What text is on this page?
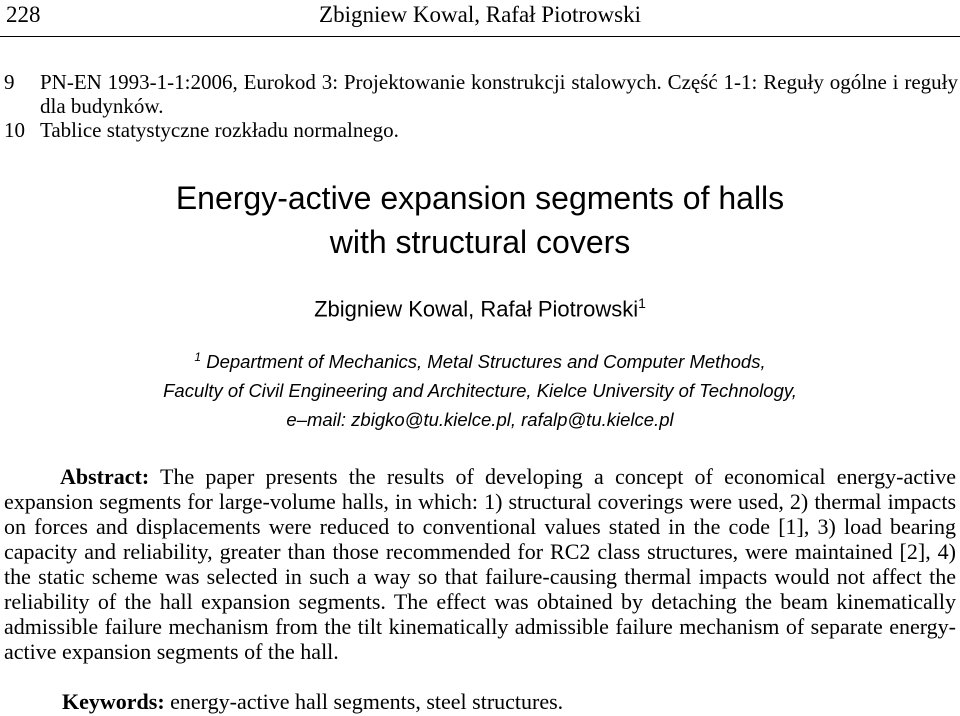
228	Zbigniew Kowal, Rafał Piotrowski
9 PN-EN 1993-1-1:2006, Eurokod 3: Projektowanie konstrukcji stalowych. Część 1-1: Reguły ogólne i reguły dla budynków.
10 Tablice statystyczne rozkładu normalnego.
Energy-active expansion segments of halls
with structural covers
Zbigniew Kowal, Rafał Piotrowski$^1$
$^1$ Department of Mechanics, Metal Structures and Computer Methods,
Faculty of Civil Engineering and Architecture, Kielce University of Technology,
e–mail: zbigko@tu.kielce.pl, rafalp@tu.kielce.pl
Abstract: The paper presents the results of developing a concept of economical energy-active expansion segments for large-volume halls, in which: 1) structural coverings were used, 2) thermal impacts on forces and displacements were reduced to conventional values stated in the code [1], 3) load bearing capacity and reliability, greater than those recommended for RC2 class structures, were maintained [2], 4) the static scheme was selected in such a way so that failure-causing thermal impacts would not affect the reliability of the hall expansion segments. The effect was obtained by detaching the beam kinematically admissible failure mechanism from the tilt kinematically admissible failure mechanism of separate energy-active expansion segments of the hall.
Keywords: energy-active hall segments, steel structures.
